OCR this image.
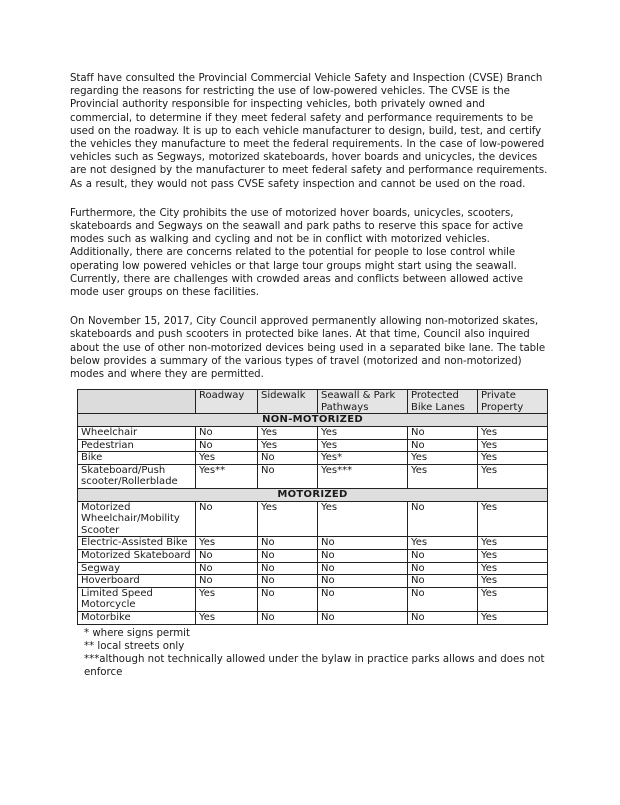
Staff have consulted the Provincial Commercial Vehicle Safety and Inspection (CVSE) Branch regarding the reasons for restricting the use of low-powered vehicles. The CVSE is the Provincial authority responsible for inspecting vehicles, both privately owned and commercial, to determine if they meet federal safety and performance requirements to be used on the roadway. It is up to each vehicle manufacturer to design, build, test, and certify the vehicles they manufacture to meet the federal requirements. In the case of low-powered vehicles such as Segways, motorized skateboards, hover boards and unicycles, the devices are not designed by the manufacturer to meet federal safety and performance requirements. As a result, they would not pass CVSE safety inspection and cannot be used on the road.

Furthermore, the City prohibits the use of motorized hover boards, unicycles, scooters, skateboards and Segways on the seawall and park paths to reserve this space for active modes such as walking and cycling and not be in conflict with motorized vehicles. Additionally, there are concerns related to the potential for people to lose control while operating low powered vehicles or that large tour groups might start using the seawall. Currently, there are challenges with crowded areas and conflicts between allowed active mode user groups on these facilities.

On November 15, 2017, City Council approved permanently allowing non-motorized skates, skateboards and push scooters in protected bike lanes. At that time, Council also inquired about the use of other non-motorized devices being used in a separated bike lane. The table below provides a summary of the various types of travel (motorized and non-motorized) modes and where they are permitted.

	Roadway	Sidewalk	Seawall & Park Pathways	Protected Bike Lanes	Private Property
NON-MOTORIZED					
Wheelchair	No	Yes	Yes	No	Yes
Pedestrian	No	Yes	Yes	No	Yes
Bike	Yes	No	Yes*	Yes	Yes
Skateboard/Push scooter/Rollerblade	Yes**	No	Yes***	Yes	Yes
MOTORIZED					
Motorized Wheelchair/Mobility Scooter	No	Yes	Yes	No	Yes
Electric-Assisted Bike	Yes	No	No	Yes	Yes
Motorized Skateboard	No	No	No	No	Yes
Segway	No	No	No	No	Yes
Hoverboard	No	No	No	No	Yes
Limited Speed Motorcycle	Yes	No	No	No	Yes
Motorbike	Yes	No	No	No	Yes
* where signs permit
** local streets only
***although not technically allowed under the bylaw in practice parks allows and does not enforce
